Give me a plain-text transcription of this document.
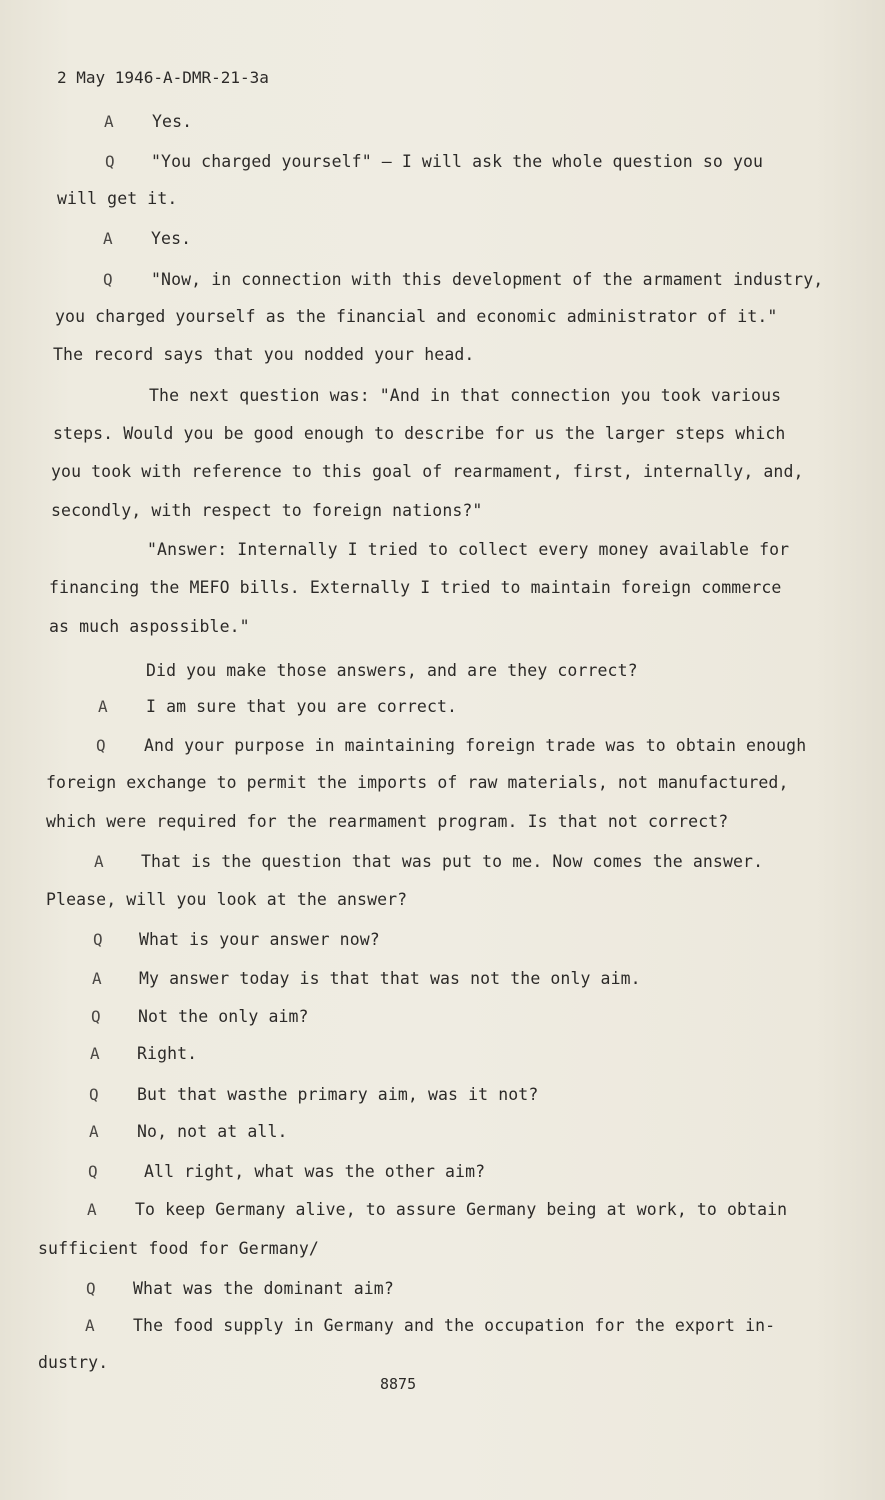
2 May 1946-A-DMR-21-3a
A Yes.
Q "You charged yourself" — I will ask the whole question so you
will get it.
A Yes.
Q "Now, in connection with this development of the armament industry,
you charged yourself as the financial and economic administrator of it."
The record says that you nodded your head.
The next question was: "And in that connection you took various
steps. Would you be good enough to describe for us the larger steps which
you took with reference to this goal of rearmament, first, internally, and,
secondly, with respect to foreign nations?"
"Answer: Internally I tried to collect every money available for
financing the MEFO bills. Externally I tried to maintain foreign commerce
as much aspossible."
Did you make those answers, and are they correct?
A I am sure that you are correct.
Q And your purpose in maintaining foreign trade was to obtain enough
foreign exchange to permit the imports of raw materials, not manufactured,
which were required for the rearmament program. Is that not correct?
A That is the question that was put to me. Now comes the answer.
Please, will you look at the answer?
Q What is your answer now?
A My answer today is that that was not the only aim.
Q Not the only aim?
A Right.
Q But that wasthe primary aim, was it not?
A No, not at all.
Q	All right, what was the other aim?
A To keep Germany alive, to assure Germany being at work, to obtain
sufficient food for Germany/
Q What was the dominant aim?
A The food supply in Germany and the occupation for the export in-
dustry.
8875
